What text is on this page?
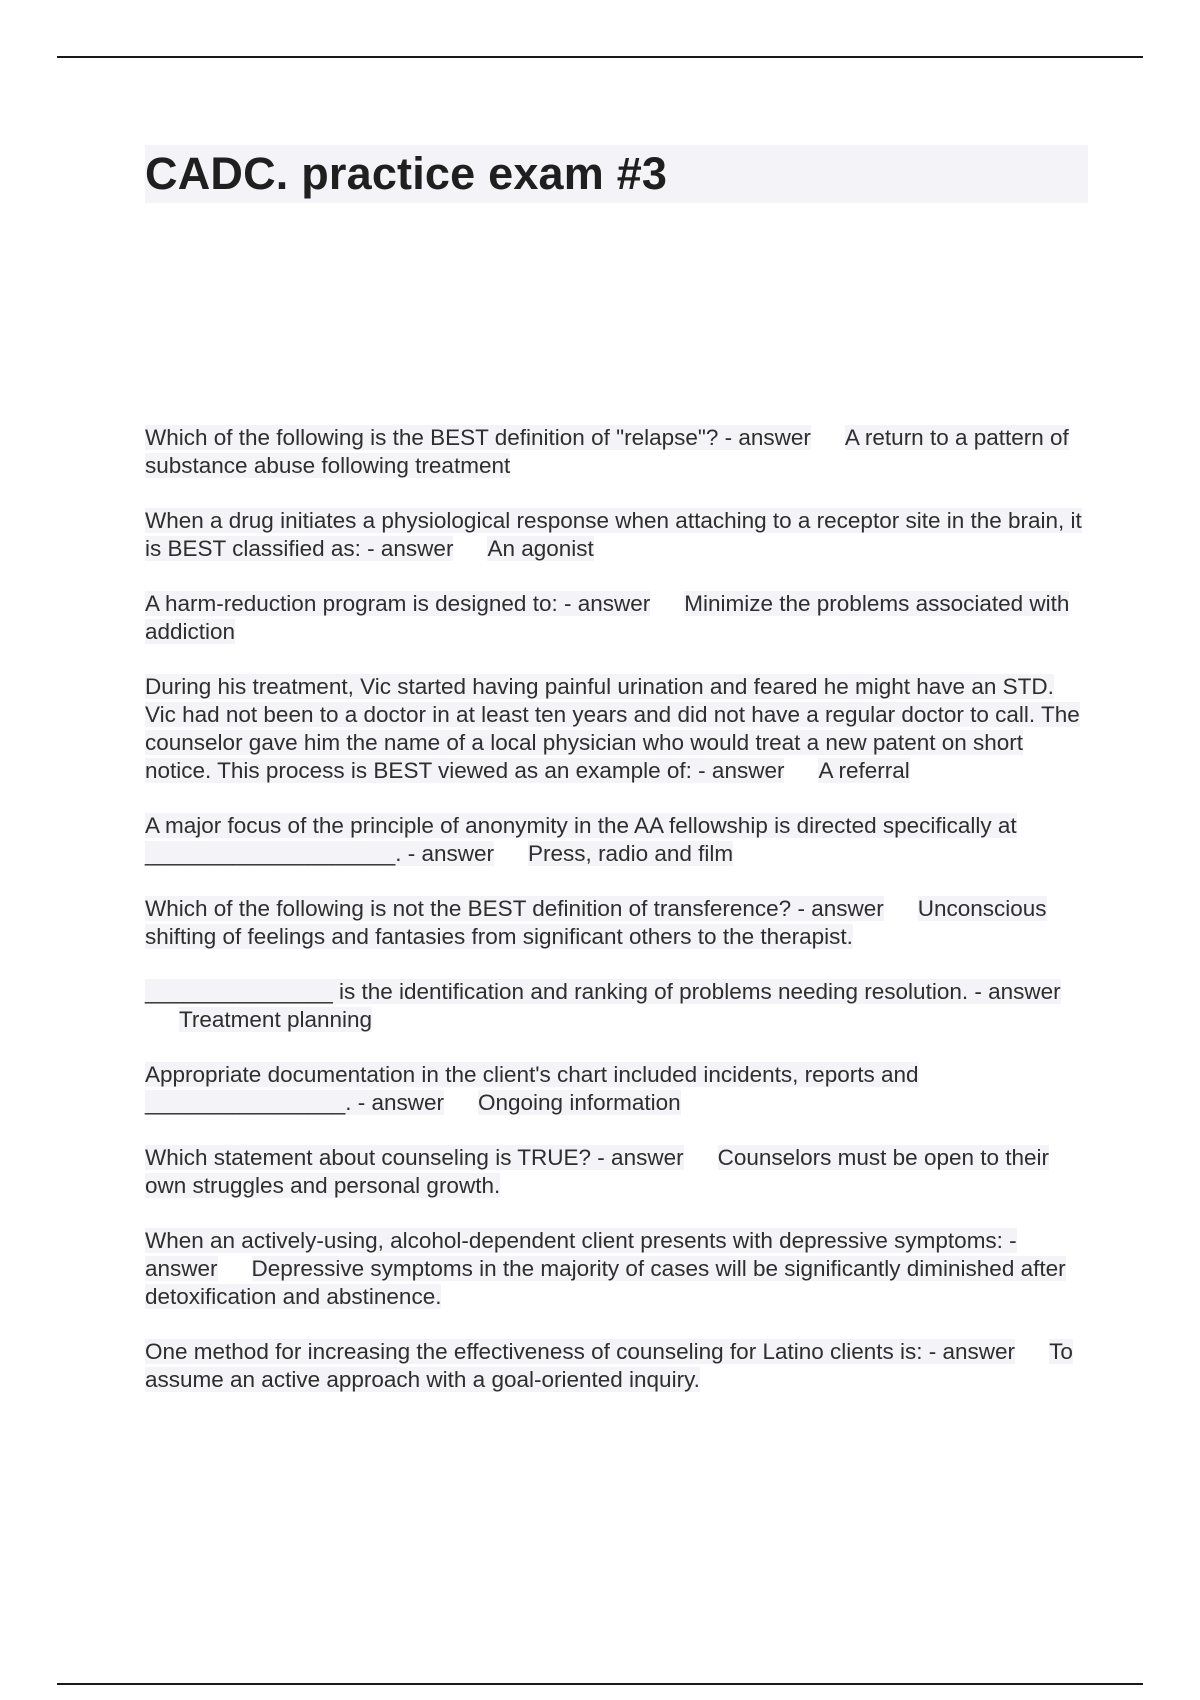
CADC. practice exam #3
Which of the following is the BEST definition of "relapse"? - answer A return to a pattern of substance abuse following treatment
When a drug initiates a physiological response when attaching to a receptor site in the brain, it is BEST classified as: - answer An agonist
A harm-reduction program is designed to: - answer Minimize the problems associated with addiction
During his treatment, Vic started having painful urination and feared he might have an STD. Vic had not been to a doctor in at least ten years and did not have a regular doctor to call. The counselor gave him the name of a local physician who would treat a new patent on short notice. This process is BEST viewed as an example of: - answer A referral
A major focus of the principle of anonymity in the AA fellowship is directed specifically at ____________________. - answer Press, radio and film
Which of the following is not the BEST definition of transference? - answer Unconscious shifting of feelings and fantasies from significant others to the therapist.
_______________ is the identification and ranking of problems needing resolution. - answerTreatment planning
Appropriate documentation in the client's chart included incidents, reports and ________________. - answer Ongoing information
Which statement about counseling is TRUE? - answer Counselors must be open to their own struggles and personal growth.
When an actively-using, alcohol-dependent client presents with depressive symptoms: - answer Depressive symptoms in the majority of cases will be significantly diminished after detoxification and abstinence.
One method for increasing the effectiveness of counseling for Latino clients is: - answer To assume an active approach with a goal-oriented inquiry.
